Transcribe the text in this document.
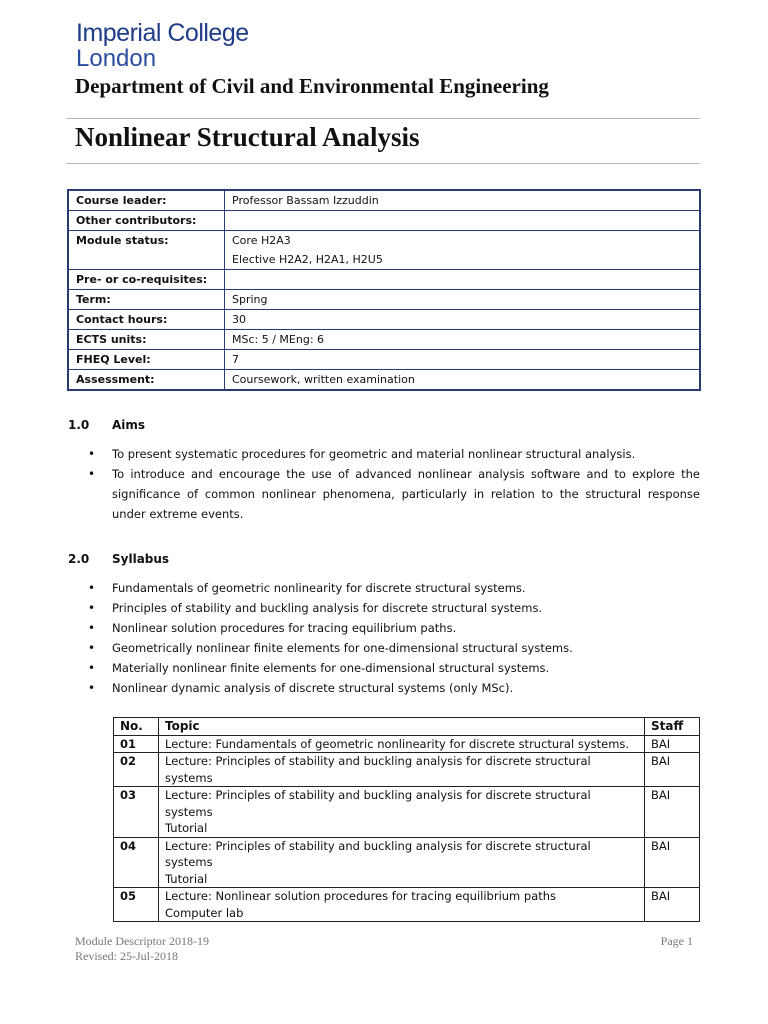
Imperial College
London
Department of Civil and Environmental Engineering
Nonlinear Structural Analysis
Course leader:	Professor Bassam Izzuddin

Other contributors:	

Module status:	Core H2A3
Elective H2A2, H2A1, H2U5

Pre- or co-requisites:	

Term:	Spring

Contact hours:	30

ECTS units:	MSc: 5 / MEng: 6

FHEQ Level:	7

Assessment:	Coursework, written examination
1.0 Aims
• To present systematic procedures for geometric and material nonlinear structural analysis.
• To introduce and encourage the use of advanced nonlinear analysis software and to explore the significance of common nonlinear phenomena, particularly in relation to the structural response under extreme events.
2.0 Syllabus
• Fundamentals of geometric nonlinearity for discrete structural systems.
• Principles of stability and buckling analysis for discrete structural systems.
• Nonlinear solution procedures for tracing equilibrium paths.
• Geometrically nonlinear finite elements for one-dimensional structural systems.
• Materially nonlinear finite elements for one-dimensional structural systems.
• Nonlinear dynamic analysis of discrete structural systems (only MSc).
No.	Topic	Staff
01	Lecture: Fundamentals of geometric nonlinearity for discrete structural systems.	BAI
02	Lecture: Principles of stability and buckling analysis for discrete structural
systems	BAI
03	Lecture: Principles of stability and buckling analysis for discrete structural
systems
Tutorial	BAI
04	Lecture: Principles of stability and buckling analysis for discrete structural
systems
Tutorial	BAI
05	Lecture: Nonlinear solution procedures for tracing equilibrium paths
Computer lab	BAI
Module Descriptor 2018-19
Revised: 25-Jul-2018
Page 1
